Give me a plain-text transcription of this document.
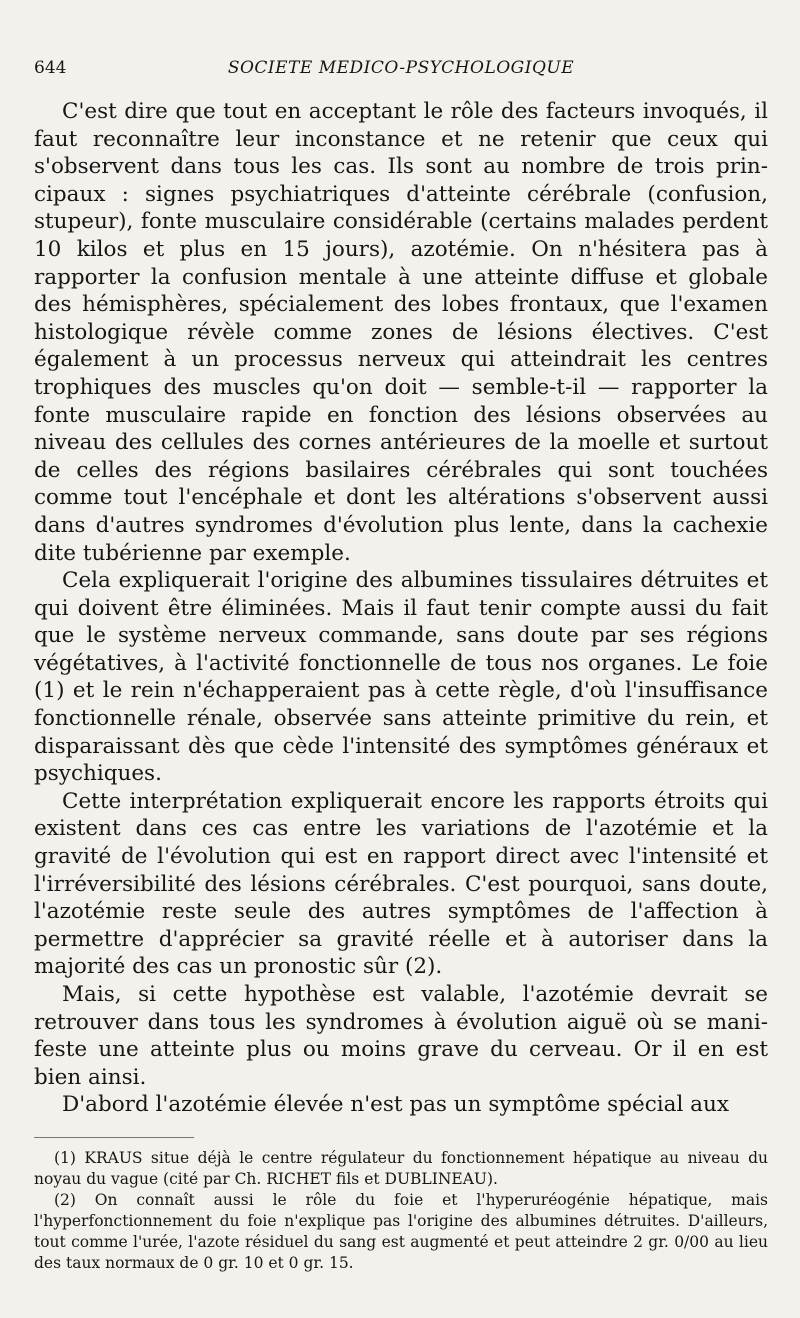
644	SOCIETE MEDICO-PSYCHOLOGIQUE

C'est dire que tout en acceptant le rôle des facteurs invoqués, il faut reconnaître leur inconstance et ne retenir que ceux qui s'observent dans tous les cas. Ils sont au nombre de trois principaux : signes psychiatriques d'atteinte cérébrale (confusion, stupeur), fonte musculaire considérable (certains malades perdent 10 kilos et plus en 15 jours), azotémie. On n'hésitera pas à rapporter la confusion mentale à une atteinte diffuse et globale des hémisphères, spécialement des lobes frontaux, que l'examen histologique révèle comme zones de lésions électives. C'est également à un processus nerveux qui atteindrait les centres trophiques des muscles qu'on doit — semble-t-il — rapporter la fonte musculaire rapide en fonction des lésions observées au niveau des cellules des cornes antérieures de la moelle et surtout de celles des régions basilaires cérébrales qui sont touchées comme tout l'encéphale et dont les altérations s'observent aussi dans d'autres syndromes d'évolution plus lente, dans la cachexie dite tubérienne par exemple.

Cela expliquerait l'origine des albumines tissulaires détruites et qui doivent être éliminées. Mais il faut tenir compte aussi du fait que le système nerveux commande, sans doute par ses régions végétatives, à l'activité fonctionnelle de tous nos organes. Le foie (1) et le rein n'échapperaient pas à cette règle, d'où l'insuffisance fonctionnelle rénale, observée sans atteinte primitive du rein, et disparaissant dès que cède l'intensité des symptômes généraux et psychiques.

Cette interprétation expliquerait encore les rapports étroits qui existent dans ces cas entre les variations de l'azotémie et la gravité de l'évolution qui est en rapport direct avec l'intensité et l'irréversibilité des lésions cérébrales. C'est pourquoi, sans doute, l'azotémie reste seule des autres symptômes de l'affection à permettre d'apprécier sa gravité réelle et à autoriser dans la majorité des cas un pronostic sûr (2).

Mais, si cette hypothèse est valable, l'azotémie devrait se retrouver dans tous les syndromes à évolution aiguë où se manifeste une atteinte plus ou moins grave du cerveau. Or il en est bien ainsi.

D'abord l'azotémie élevée n'est pas un symptôme spécial aux

(1) KRAUS situe déjà le centre régulateur du fonctionnement hépatique au niveau du noyau du vague (cité par Ch. RICHET fils et DUBLINEAU).

(2) On connaît aussi le rôle du foie et l'hyperuréogénie hépatique, mais l'hyperfonctionnement du foie n'explique pas l'origine des albumines détruites. D'ailleurs, tout comme l'urée, l'azote résiduel du sang est augmenté et peut atteindre 2 gr. 0/00 au lieu des taux normaux de 0 gr. 10 et 0 gr. 15.
